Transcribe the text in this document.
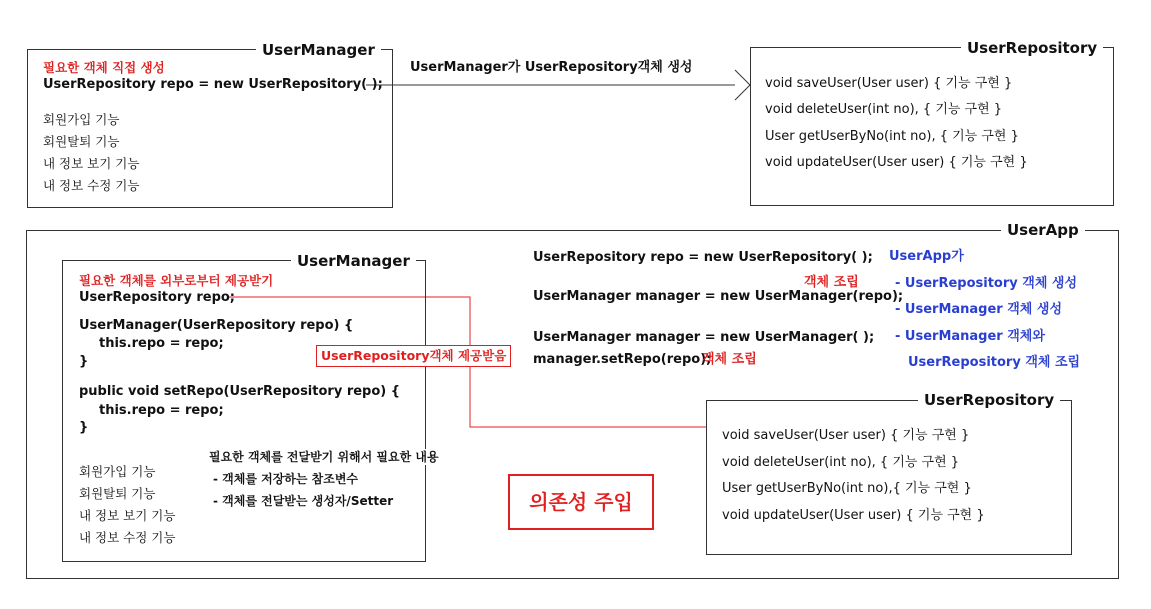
UserManager
필요한 객체 직접 생성
UserRepository repo = new UserRepository( );
회원가입 기능
회원탈퇴 기능
내 정보 보기 기능
내 정보 수정 기능
UserManager가 UserRepository객체 생성
UserRepository
void saveUser(User user) { 기능 구현 }
void deleteUser(int no), { 기능 구현 }
User getUserByNo(int no), { 기능 구현 }
void updateUser(User user) { 기능 구현 }
UserApp
UserManager
필요한 객체를 외부로부터 제공받기
UserRepository repo;
UserManager(UserRepository repo) {
this.repo = repo;
}
public void setRepo(UserRepository repo) {
this.repo = repo;
}
회원가입 기능
회원탈퇴 기능
내 정보 보기 기능
내 정보 수정 기능
UserRepository객체 제공받음
필요한 객체를 전달받기 위해서 필요한 내용
- 객체를 저장하는 참조변수
- 객체를 전달받는 생성자/Setter	의존성 주입
UserRepository repo = new UserRepository( );
객체 조립
UserManager manager = new UserManager(repo);
UserManager manager = new UserManager( );
manager.setRepo(repo);
객체 조립
UserApp가
- UserRepository 객체 생성
- UserManager 객체 생성
- UserManager 객체와
UserRepository 객체 조립
UserRepository
void saveUser(User user) { 기능 구현 }
void deleteUser(int no), { 기능 구현 }
User getUserByNo(int no),{ 기능 구현 }
void updateUser(User user) { 기능 구현 }
